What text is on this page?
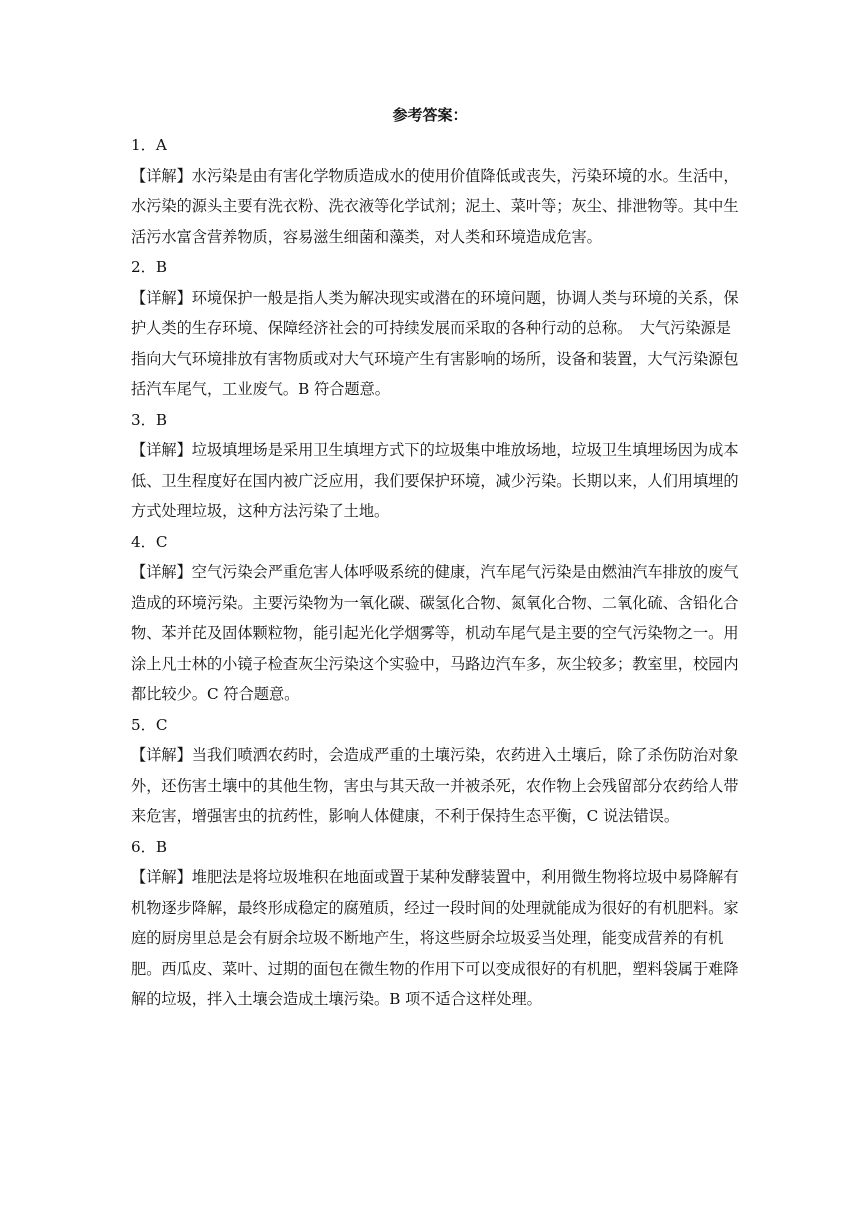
参考答案：
1．A

【详解】水污染是由有害化学物质造成水的使用价值降低或丧失，污染环境的水。生活中，水污染的源头主要有洗衣粉、洗衣液等化学试剂；泥土、菜叶等；灰尘、排泄物等。其中生活污水富含营养物质，容易滋生细菌和藻类，对人类和环境造成危害。

2．B

【详解】环境保护一般是指人类为解决现实或潜在的环境问题，协调人类与环境的关系，保护人类的生存环境、保障经济社会的可持续发展而采取的各种行动的总称。　大气污染源是指向大气环境排放有害物质或对大气环境产生有害影响的场所，设备和装置，大气污染源包括汽车尾气，工业废气。B 符合题意。

3．B

【详解】垃圾填埋场是采用卫生填埋方式下的垃圾集中堆放场地，垃圾卫生填埋场因为成本低、卫生程度好在国内被广泛应用，我们要保护环境，减少污染。长期以来，人们用填埋的方式处理垃圾，这种方法污染了土地。

4．C

【详解】空气污染会严重危害人体呼吸系统的健康，汽车尾气污染是由燃油汽车排放的废气造成的环境污染。主要污染物为一氧化碳、碳氢化合物、氮氧化合物、二氧化硫、含铅化合物、苯并芘及固体颗粒物，能引起光化学烟雾等，机动车尾气是主要的空气污染物之一。用涂上凡士林的小镜子检查灰尘污染这个实验中，马路边汽车多，灰尘较多；教室里，校园内都比较少。C 符合题意。

5．C

【详解】当我们喷洒农药时，会造成严重的土壤污染，农药进入土壤后，除了杀伤防治对象外，还伤害土壤中的其他生物，害虫与其天敌一并被杀死，农作物上会残留部分农药给人带来危害，增强害虫的抗药性，影响人体健康，不利于保持生态平衡，C 说法错误。

6．B

【详解】堆肥法是将垃圾堆积在地面或置于某种发酵装置中，利用微生物将垃圾中易降解有机物逐步降解，最终形成稳定的腐殖质，经过一段时间的处理就能成为很好的有机肥料。家庭的厨房里总是会有厨余垃圾不断地产生，将这些厨余垃圾妥当处理，能变成营养的有机肥。西瓜皮、菜叶、过期的面包在微生物的作用下可以变成很好的有机肥，塑料袋属于难降解的垃圾，拌入土壤会造成土壤污染。B 项不适合这样处理。
